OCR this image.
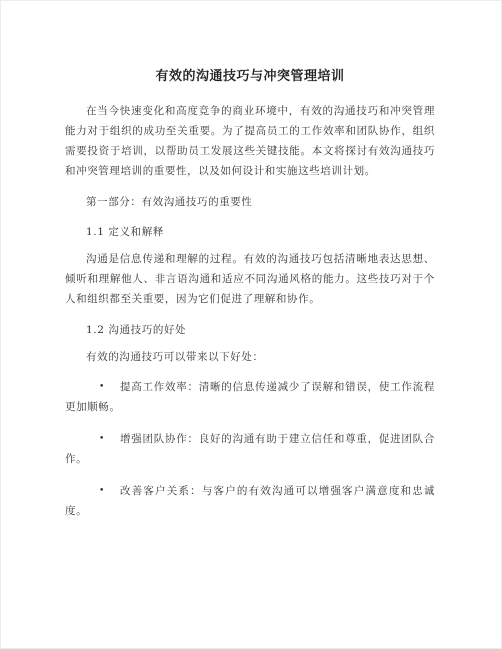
有效的沟通技巧与冲突管理培训

在当今快速变化和高度竞争的商业环境中，有效的沟通技巧和冲突管理能力对于组织的成功至关重要。为了提高员工的工作效率和团队协作，组织需要投资于培训，以帮助员工发展这些关键技能。本文将探讨有效沟通技巧和冲突管理培训的重要性，以及如何设计和实施这些培训计划。

第一部分：有效沟通技巧的重要性
1.1 定义和解释

沟通是信息传递和理解的过程。有效的沟通技巧包括清晰地表达思想、倾听和理解他人、非言语沟通和适应不同沟通风格的能力。这些技巧对于个人和组织都至关重要，因为它们促进了理解和协作。

1.2 沟通技巧的好处

有效的沟通技巧可以带来以下好处：

•	提高工作效率：清晰的信息传递减少了误解和错误，使工作流程更加顺畅。
•	增强团队协作：良好的沟通有助于建立信任和尊重，促进团队合作。
•	改善客户关系：与客户的有效沟通可以增强客户满意度和忠诚度。
